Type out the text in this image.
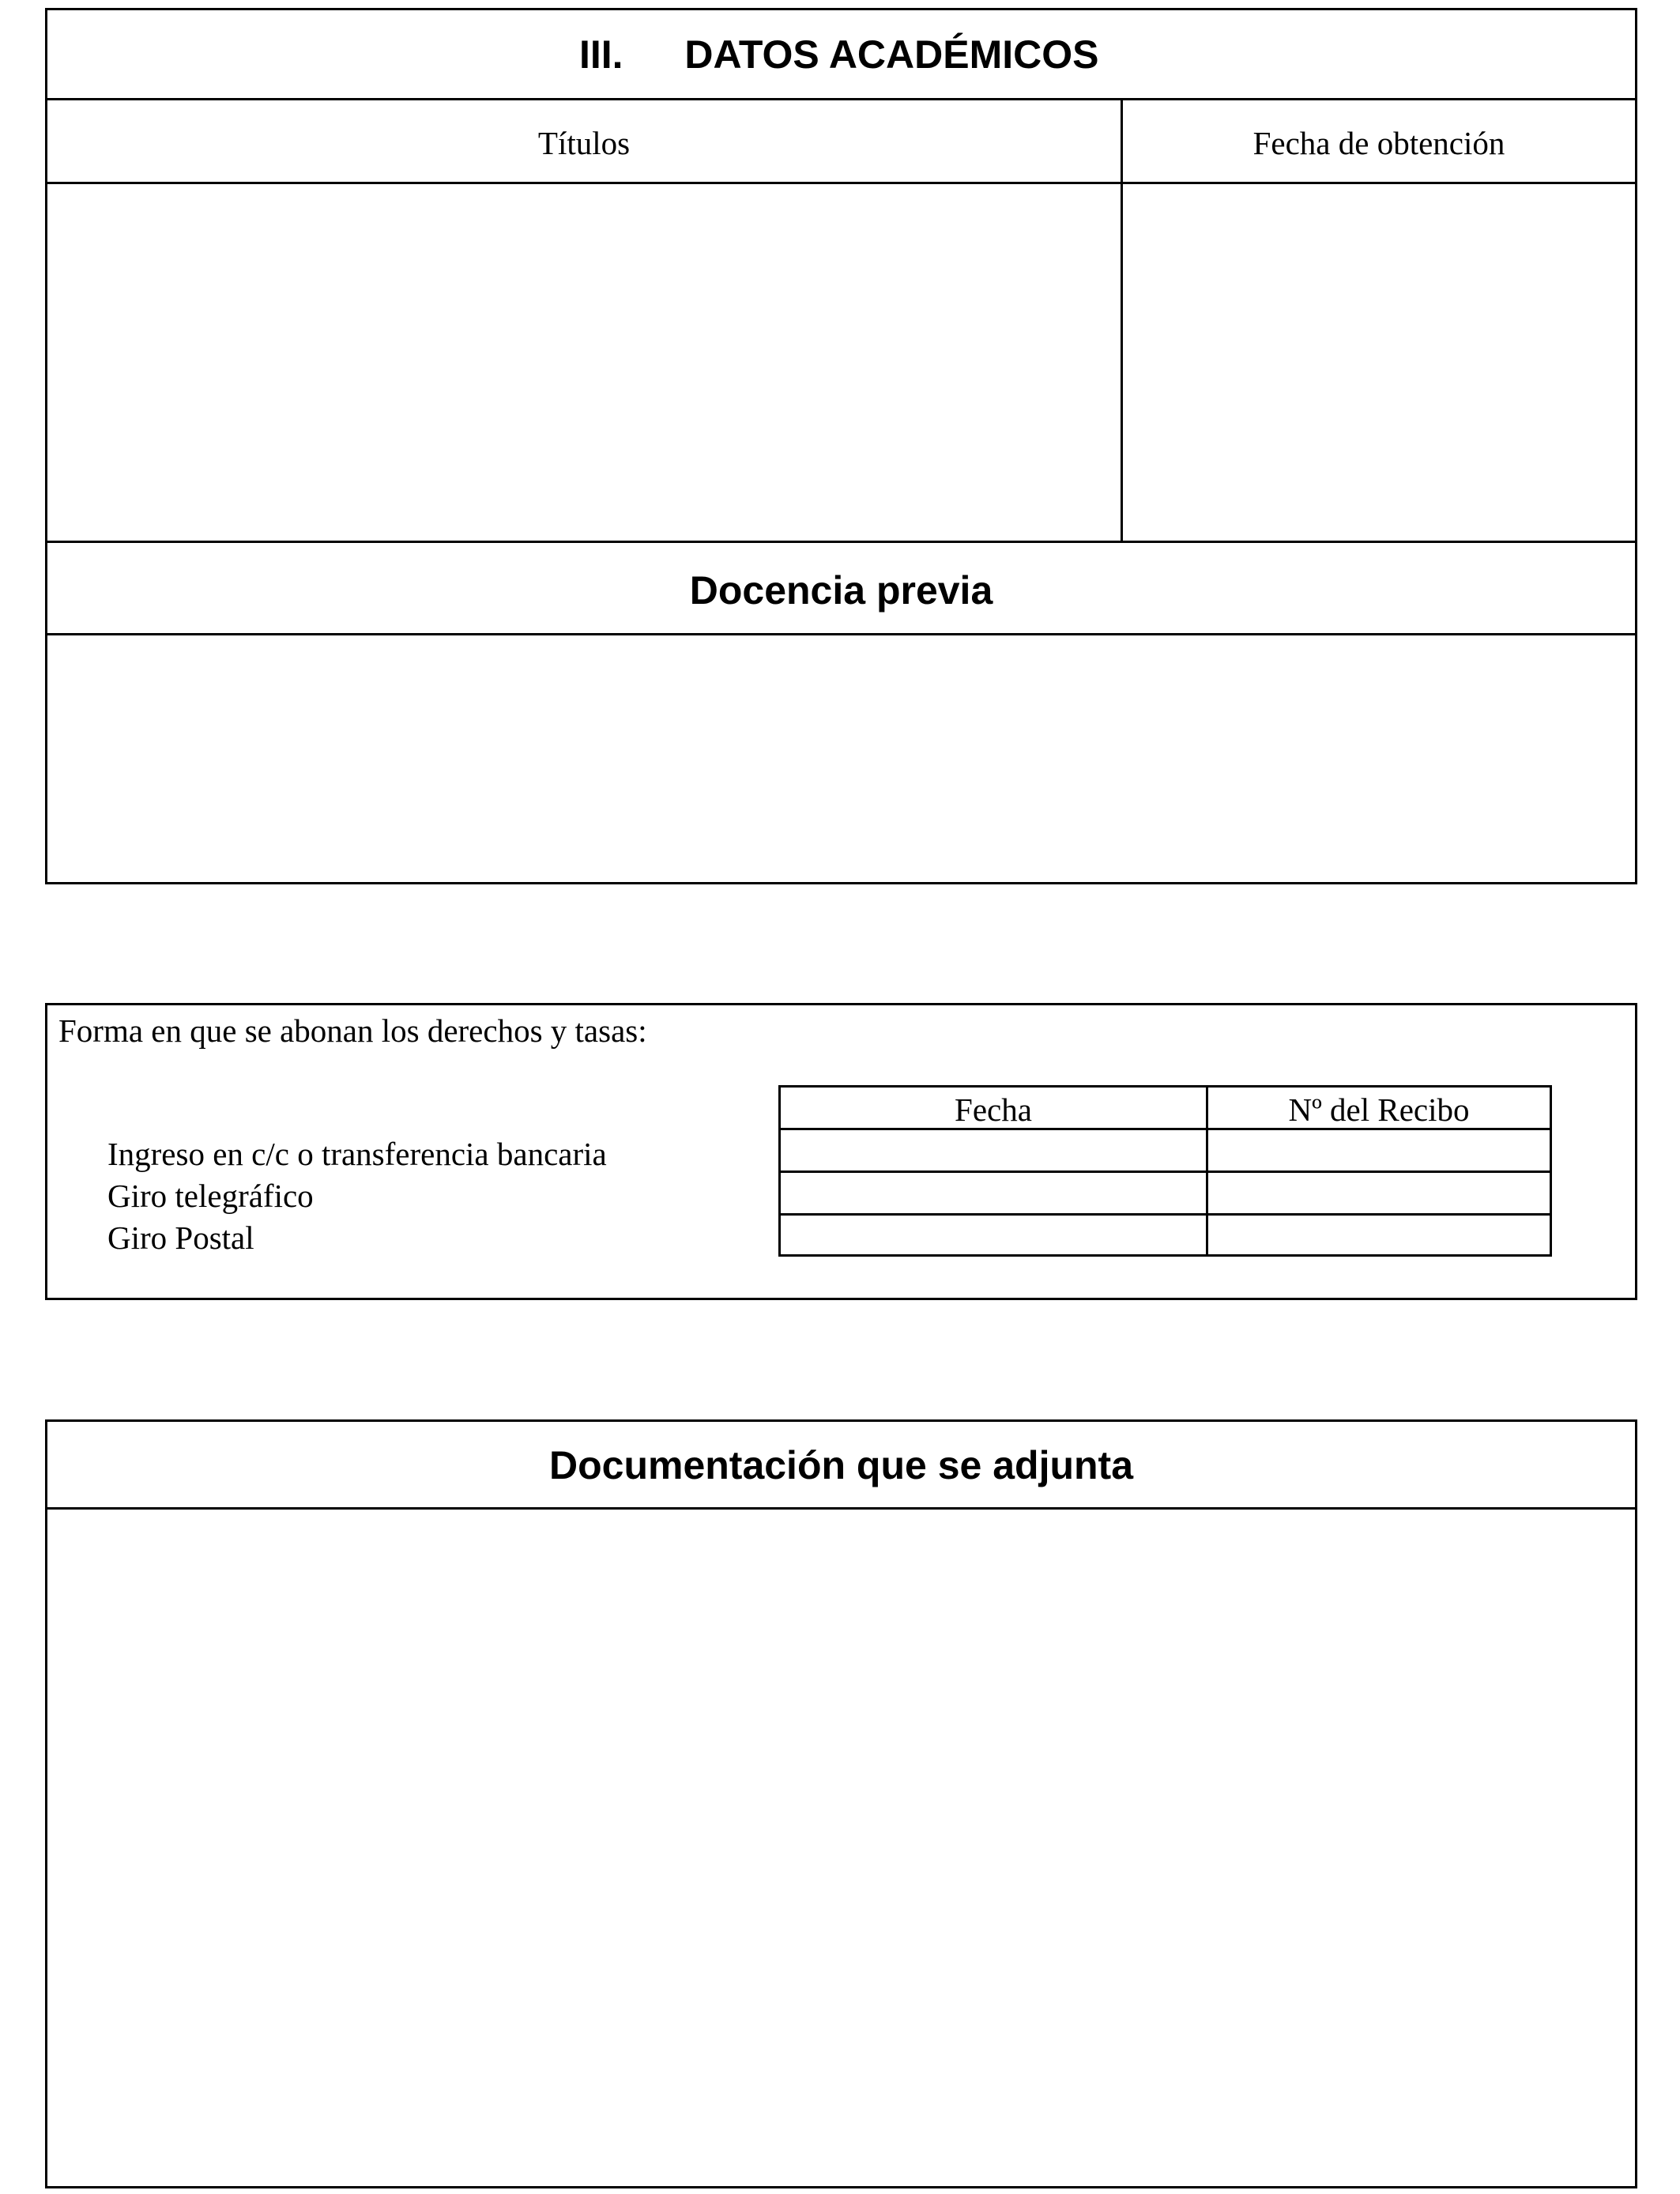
III. DATOS ACADÉMICOS
Títulos	Fecha de obtención
Docencia previa
Forma en que se abonan los derechos y tasas:
Ingreso en c/c o transferencia bancaria
Giro telegráfico
Giro Postal
Fecha	Nº del Recibo
Documentación que se adjunta
